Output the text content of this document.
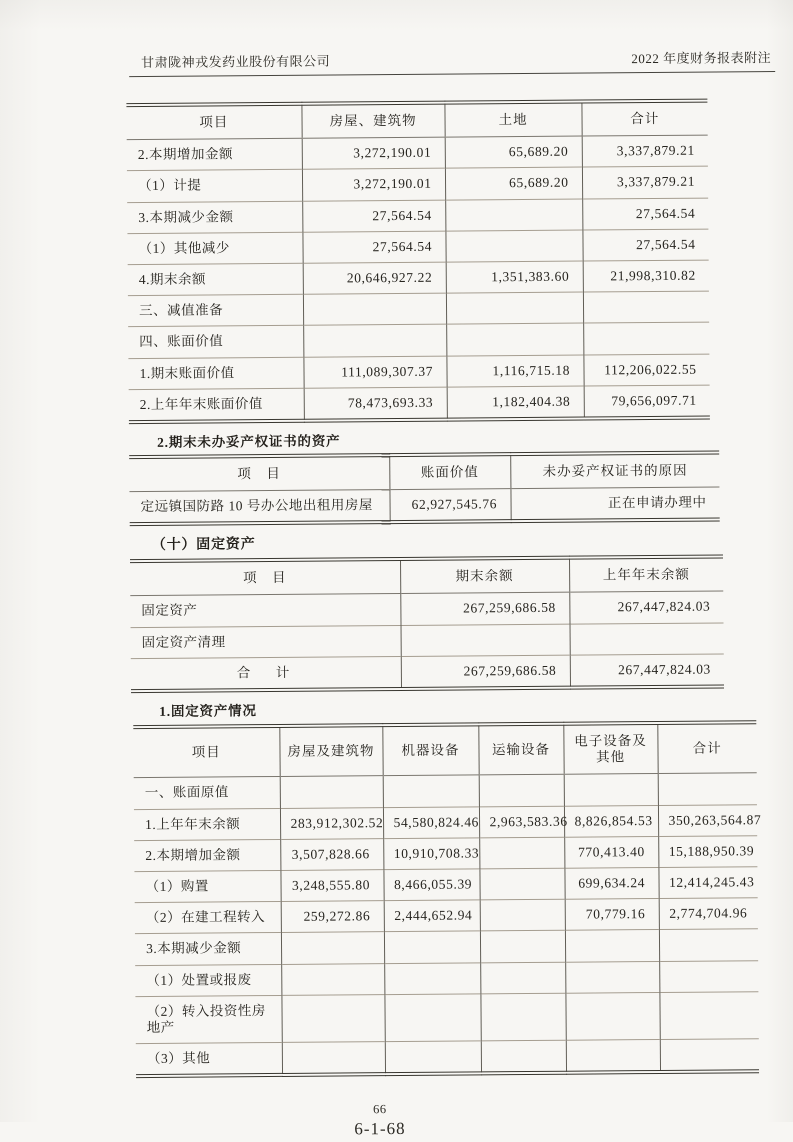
甘肃陇神戎发药业股份有限公司	2022 年度财务报表附注
项目	房屋、建筑物	土地	合计
2.本期增加金额	3,272,190.01	65,689.20	3,337,879.21
（1）计提	3,272,190.01	65,689.20	3,337,879.21
3.本期减少金额	27,564.54		27,564.54
（1）其他减少	27,564.54		27,564.54
4.期末余额	20,646,927.22	1,351,383.60	21,998,310.82
三、减值准备			
四、账面价值			
1.期末账面价值	111,089,307.37	1,116,715.18	112,206,022.55
2.上年年末账面价值	78,473,693.33	1,182,404.38	79,656,097.71
2.期末未办妥产权证书的资产
项　目	账面价值	未办妥产权证书的原因
定远镇国防路 10 号办公地出租用房屋	62,927,545.76	正在申请办理中
（十）固定资产
项　目	期末余额	上年年末余额
固定资产	267,259,686.58	267,447,824.03
固定资产清理		
合　计	267,259,686.58	267,447,824.03
1.固定资产情况
项目	房屋及建筑物	机器设备	运输设备	电子设备及其他	合计
一、账面原值					
1.上年年末余额	283,912,302.52	54,580,824.46	2,963,583.36	8,826,854.53	350,263,564.87
2.本期增加金额	3,507,828.66	10,910,708.33		770,413.40	15,188,950.39
（1）购置	3,248,555.80	8,466,055.39		699,634.24	12,414,245.43
（2）在建工程转入	259,272.86	2,444,652.94		70,779.16	2,774,704.96
3.本期减少金额					
（1）处置或报废					
（2）转入投资性房地产					
（3）其他					
66
6-1-68
